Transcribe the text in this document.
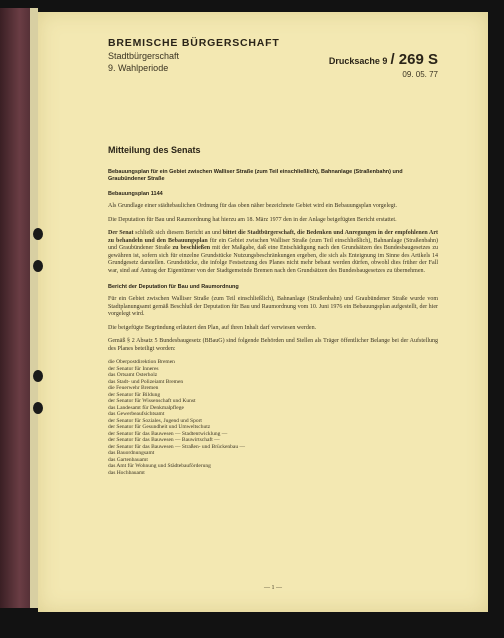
BREMISCHE BÜRGERSCHAFT
Stadtbürgerschaft
9. Wahlperiode
Drucksache 9 / 269 S
09. 05. 77
Mitteilung des Senats
Bebauungsplan für ein Gebiet zwischen Walliser Straße (zum Teil einschließlich), Bahnanlage (Straßenbahn) und Graubündener Straße
Bebauungsplan 1144

Als Grundlage einer städtebaulichen Ordnung für das oben näher bezeichnete Gebiet wird ein Bebauungsplan vorgelegt.

Die Deputation für Bau und Raumordnung hat hierzu am 18. März 1977 den in der Anlage beigefügten Bericht erstattet.

Der Senat schließt sich diesem Bericht an und bittet die Stadtbürgerschaft, die Bedenken und Anregungen in der empfohlenen Art zu behandeln und den Bebauungsplan für ein Gebiet zwischen Walliser Straße (zum Teil einschließlich), Bahnanlage (Straßenbahn) und Graubündener Straße zu beschließen mit der Maßgabe, daß eine Entschädigung nach den Grundsätzen des Bundesbaugesetzes zu gewähren ist, sofern sich für einzelne Grundstücke Nutzungsbeschränkungen ergeben, die sich als Enteignung im Sinne des Artikels 14 Grundgesetz darstellen. Grundstücke, die infolge Festsetzung des Planes nicht mehr bebaut werden dürfen, obwohl dies früher der Fall war, sind auf Antrag der Eigentümer von der Stadtgemeinde Bremen nach den Grundsätzen des Bundesbaugesetzes zu übernehmen.

Bericht der Deputation für Bau und Raumordnung

Für ein Gebiet zwischen Walliser Straße (zum Teil einschließlich), Bahnanlage (Straßenbahn) und Graubündener Straße wurde vom Stadtplanungsamt gemäß Beschluß der Deputation für Bau und Raumordnung vom 10. Juni 1976 ein Bebauungsplan aufgestellt, der hier vorgelegt wird.

Die beigefügte Begründung erläutert den Plan, auf ihren Inhalt darf verwiesen werden.

Gemäß § 2 Absatz 5 Bundesbaugesetz (BBauG) sind folgende Behörden und Stellen als Träger öffentlicher Belange bei der Aufstellung des Planes beteiligt worden:

die Oberpostdirektion Bremen
der Senator für Inneres
das Ortsamt Osterholz
das Stadt- und Polizeiamt Bremen
die Feuerwehr Bremen
der Senator für Bildung
der Senator für Wissenschaft und Kunst
das Landesamt für Denkmalpflege
das Gewerbeaufsichtsamt
der Senator für Soziales, Jugend und Sport
der Senator für Gesundheit und Umweltschutz
der Senator für das Bauwesen — Stadtentwicklung —
der Senator für das Bauwesen — Bauwirtschaft —
der Senator für das Bauwesen — Straßen- und Brückenbau —
das Bauordnungsamt
das Gartenbauamt
das Amt für Wohnung und Städtebauförderung
das Hochbauamt
— 1 —
